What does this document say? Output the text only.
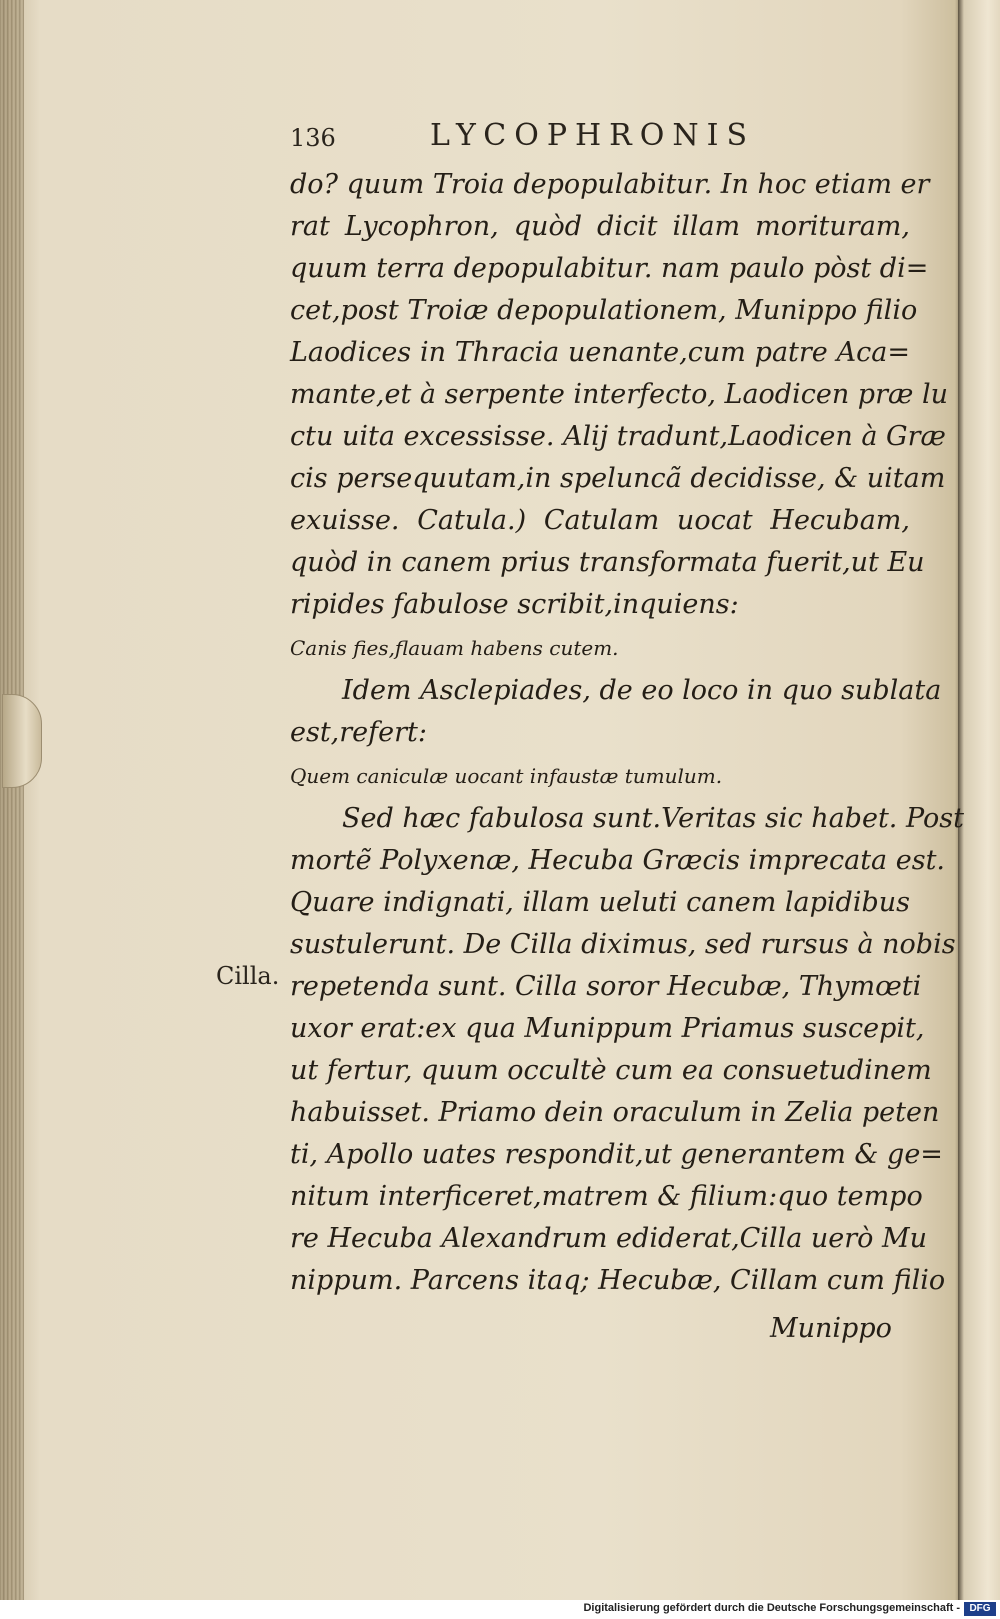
136	LYCOPHRONIS
Cilla.
do? quum Troia depopulabitur. In hoc etiam er
rat Lycophron, quòd dicit illam morituram,
quum terra depopulabitur. nam paulo pòst di=
cet,post Troiæ depopulationem, Munippo filio
Laodices in Thracia uenante,cum patre Aca=
mante,et à serpente interfecto, Laodicen præ lu
ctu uita excessisse. Alij tradunt,Laodicen à Græ
cis persequutam,in speluncã decidisse, & uitam
exuisse. Catula.) Catulam uocat Hecubam,
quòd in canem prius transformata fuerit,ut Eu
ripides fabulose scribit,inquiens:
Canis fies,flauam habens cutem.
Idem Asclepiades, de eo loco in quo sublata
est,refert:
Quem caniculæ uocant infaustæ tumulum.
Sed hæc fabulosa sunt.Veritas sic habet. Post
mortẽ Polyxenæ, Hecuba Græcis imprecata est.
Quare indignati, illam ueluti canem lapidibus
sustulerunt. De Cilla diximus, sed rursus à nobis
repetenda sunt. Cilla soror Hecubæ, Thymœti
uxor erat:ex qua Munippum Priamus suscepit,
ut fertur, quum occultè cum ea consuetudinem
habuisset. Priamo dein oraculum in Zelia peten
ti, Apollo uates respondit,ut generantem & ge=
nitum interficeret,matrem & filium:quo tempo
re Hecuba Alexandrum ediderat,Cilla uerò Mu
nippum. Parcens itaq; Hecubæ, Cillam cum filio
Munippo
Digitalisierung gefördert durch die Deutsche Forschungsgemeinschaft - DFG
